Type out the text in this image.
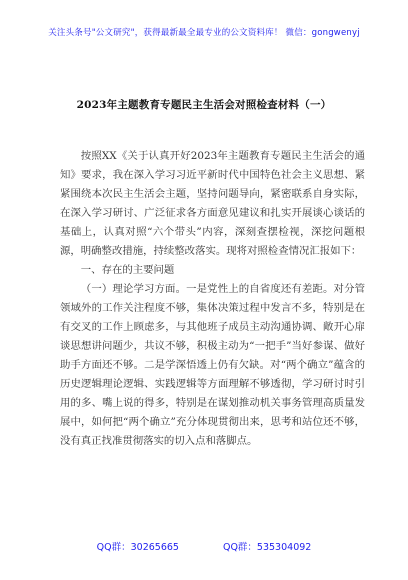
关注头条号"公文研究"，获得最新最全最专业的公文资料库！ 微信：gongwenyj
2023年主题教育专题民主生活会对照检查材料（一）

按照XX《关于认真开好2023年主题教育专题民主生活会的通知》要求，我在深入学习习近平新时代中国特色社会主义思想、紧紧围绕本次民主生活会主题，坚持问题导向，紧密联系自身实际，在深入学习研讨、广泛征求各方面意见建议和扎实开展谈心谈话的基础上，认真对照“六个带头”内容，深刻查摆检视，深挖问题根源，明确整改措施，持续整改落实。现将对照检查情况汇报如下：

一、存在的主要问题

（一）理论学习方面。一是党性上的自省度还有差距。对分管领域外的工作关注程度不够，集体决策过程中发言不多，特别是在有交叉的工作上顾虑多，与其他班子成员主动沟通协调、敞开心扉谈思想讲问题少，共议不够，积极主动为“一把手”当好参谋、做好助手方面还不够。二是学深悟透上仍有欠缺。对“两个确立”蕴含的历史逻辑理论逻辑、实践逻辑等方面理解不够透彻，学习研讨时引用的多、嘴上说的得多，特别是在谋划推动机关事务管理高质量发展中，如何把“两个确立”充分体现贯彻出来，思考和站位还不够，没有真正找准贯彻落实的切入点和落脚点。

QQ群：30265665	QQ群：535304092
